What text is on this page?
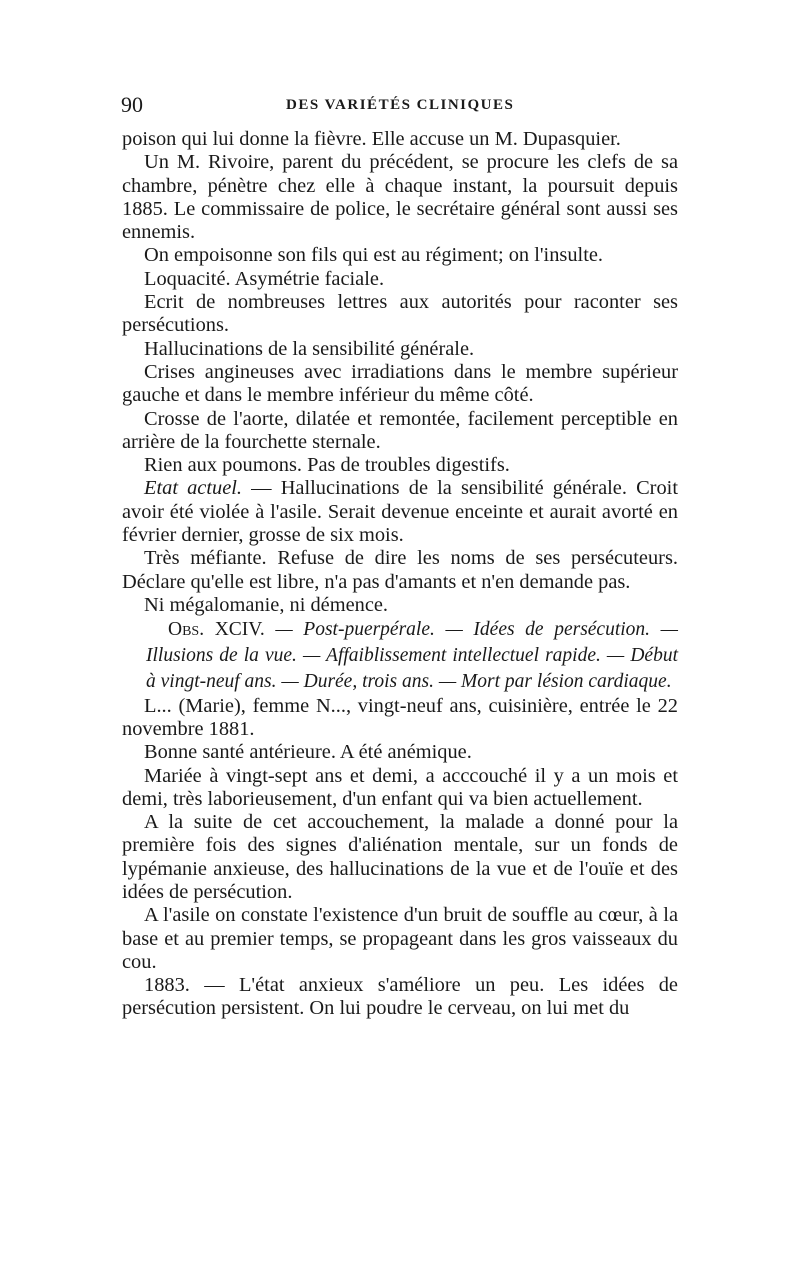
90	DES VARIÉTÉS CLINIQUES

poison qui lui donne la fièvre. Elle accuse un M. Dupasquier.

Un M. Rivoire, parent du précédent, se procure les clefs de sa chambre, pénètre chez elle à chaque instant, la poursuit depuis 1885. Le commissaire de police, le secrétaire général sont aussi ses ennemis.

On empoisonne son fils qui est au régiment; on l'insulte.

Loquacité. Asymétrie faciale.

Ecrit de nombreuses lettres aux autorités pour raconter ses persécutions.

Hallucinations de la sensibilité générale.

Crises angineuses avec irradiations dans le membre supérieur gauche et dans le membre inférieur du même côté.

Crosse de l'aorte, dilatée et remontée, facilement perceptible en arrière de la fourchette sternale.

Rien aux poumons. Pas de troubles digestifs.

Etat actuel. — Hallucinations de la sensibilité générale. Croit avoir été violée à l'asile. Serait devenue enceinte et aurait avorté en février dernier, grosse de six mois.

Très méfiante. Refuse de dire les noms de ses persécuteurs. Déclare qu'elle est libre, n'a pas d'amants et n'en demande pas.

Ni mégalomanie, ni démence.

Obs. XCIV. — Post-puerpérale. — Idées de persécution. — Illusions de la vue. — Affaiblissement intellectuel rapide. — Début à vingt-neuf ans. — Durée, trois ans. — Mort par lésion cardiaque.

L... (Marie), femme N..., vingt-neuf ans, cuisinière, entrée le 22 novembre 1881.

Bonne santé antérieure. A été anémique.

Mariée à vingt-sept ans et demi, a acccouché il y a un mois et demi, très laborieusement, d'un enfant qui va bien actuellement.

A la suite de cet accouchement, la malade a donné pour la première fois des signes d'aliénation mentale, sur un fonds de lypémanie anxieuse, des hallucinations de la vue et de l'ouïe et des idées de persécution.

A l'asile on constate l'existence d'un bruit de souffle au cœur, à la base et au premier temps, se propageant dans les gros vaisseaux du cou.

1883. — L'état anxieux s'améliore un peu. Les idées de persécution persistent. On lui poudre le cerveau, on lui met du
